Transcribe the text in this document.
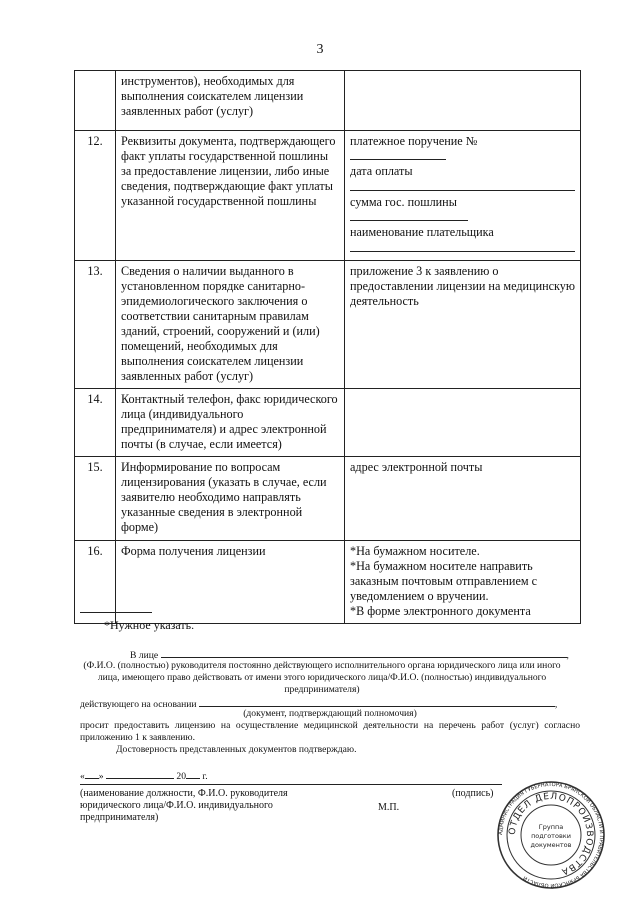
3
	инструментов), необходимых для выполнения соискателем лицензии заявленных работ (услуг)	
12.	Реквизиты документа, подтверждающего факт уплаты государственной пошлины за предоставление лицензии, либо иные сведения, подтверждающие факт уплаты указанной государственной пошлины	платежное поручение №
дата оплаты
сумма гос. пошлины
наименование плательщика

13.	Сведения о наличии выданного в установленном порядке санитарно-эпидемиологического заключения о соответствии санитарным правилам зданий, строений, сооружений и (или) помещений, необходимых для выполнения соискателем лицензии заявленных работ (услуг)	приложение 3 к заявлению о предоставлении лицензии на медицинскую деятельность
14.	Контактный телефон, факс юридического лица (индивидуального предпринимателя) и адрес электронной почты (в случае, если имеется)	
15.	Информирование по вопросам лицензирования (указать в случае, если заявителю необходимо направлять указанные сведения в электронной форме)	адрес электронной почты
16.	Форма получения лицензии	*На бумажном носителе.
*На бумажном носителе направить заказным почтовым отправлением с уведомлением о вручении.
*В форме электронного документа
*Нужное указать.
В лице	,
(Ф.И.О. (полностью) руководителя постоянно действующего исполнительного органа юридического лица или иного лица, имеющего право действовать от имени этого юридического лица/Ф.И.О. (полностью) индивидуального предпринимателя)
действующего на основании	,
(документ, подтверждающий полномочия)
просит предоставить лицензию на осуществление медицинской деятельности на перечень работ (услуг) согласно приложению 1 к заявлению.
Достоверность представленных документов подтверждаю.
« »	20 г.
(наименование должности, Ф.И.О. руководителя юридического лица/Ф.И.О. индивидуального предпринимателя)
М.П.
(подпись)
АДМИНИСТРАЦИЯ ГУБЕРНАТОРА БРЯНСКОЙ ОБЛАСТИ И ПРАВИТЕЛЬСТВА БРЯНСКОЙ ОБЛАСТИ
ОТДЕЛ ДЕЛОПРОИЗВОДСТВА
Группа
подготовки
документов
